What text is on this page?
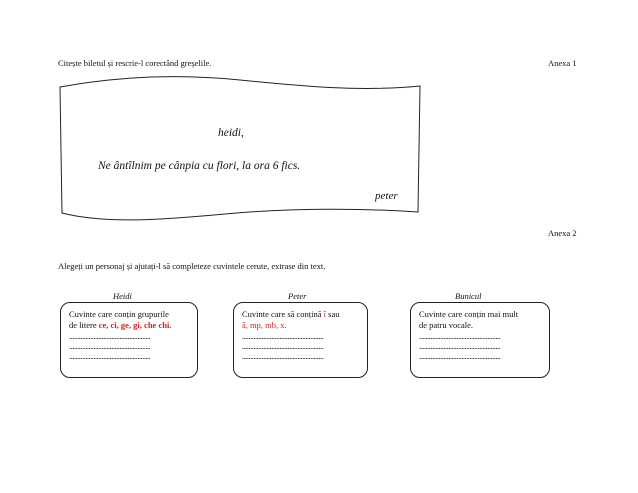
Citește biletul și rescrie-l corectând greșelile.	Anexa 1
heidi,
Ne ântîlnim pe cânpia cu flori, la ora 6 fics.
peter
Anexa 2
Alegeți un personaj și ajutați-l să completeze cuvintele cerute, extrase din text.
Heidi	Peter	Bunicul
Cuvinte care conțin grupurile
de litere ce, ci, ge, gi, che chi.
..................................................
..................................................
..................................................
Cuvinte care să conțină î sau
â, mp, mb, x.
..................................................
..................................................
..................................................
Cuvinte care conțin mai mult
de patru vocale.
..................................................
..................................................
..................................................
